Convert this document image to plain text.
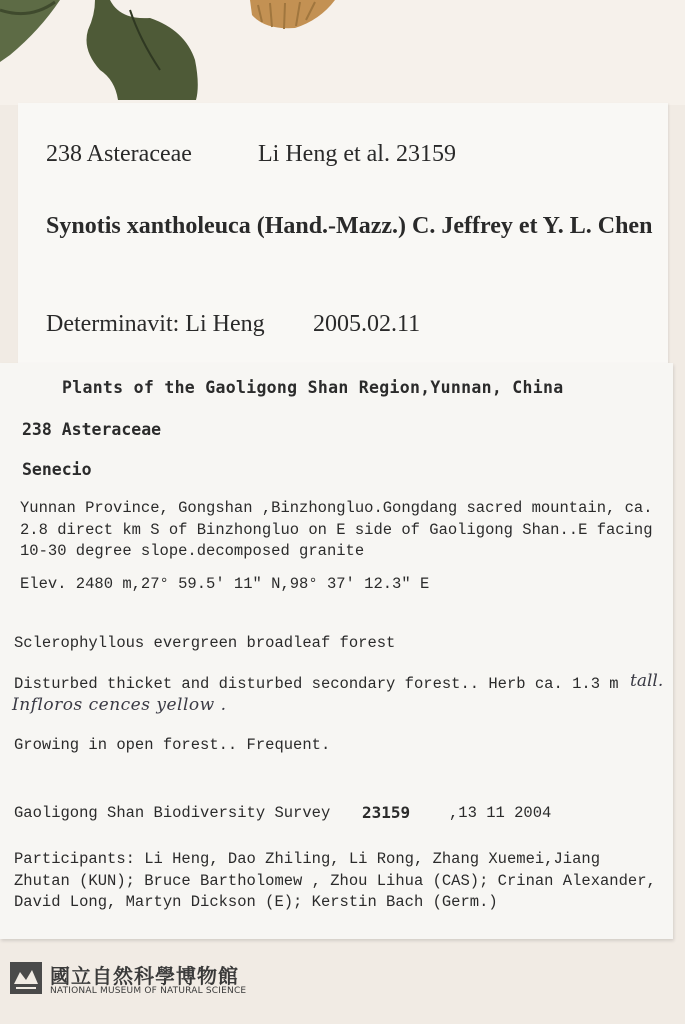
238 Asteraceae	Li Heng et al. 23159
Synotis xantholeuca (Hand.-Mazz.) C. Jeffrey et Y. L. Chen
Determinavit: Li Heng 2005.02.11
Plants of the Gaoligong Shan Region,Yunnan, China
238 Asteraceae
Senecio
Yunnan Province, Gongshan ,Binzhongluo.Gongdang sacred mountain, ca. 2.8 direct km S of Binzhongluo on E side of Gaoligong Shan..E facing 10-30 degree slope.decomposed granite
Elev. 2480 m,27° 59.5′ 11″ N,98° 37′ 12.3″ E
Sclerophyllous evergreen broadleaf forest
Disturbed thicket and disturbed secondary forest.. Herb ca. 1.3 m tall.
Infloros cences yellow .
Growing in open forest.. Frequent.
Gaoligong Shan Biodiversity Survey 23159	,13 11 2004
Participants: Li Heng, Dao Zhiling, Li Rong, Zhang Xuemei,Jiang Zhutan (KUN); Bruce Bartholomew , Zhou Lihua (CAS); Crinan Alexander, David Long, Martyn Dickson (E); Kerstin Bach (Germ.)
國立自然科學博物館
NATIONAL MUSEUM OF NATURAL SCIENCE
